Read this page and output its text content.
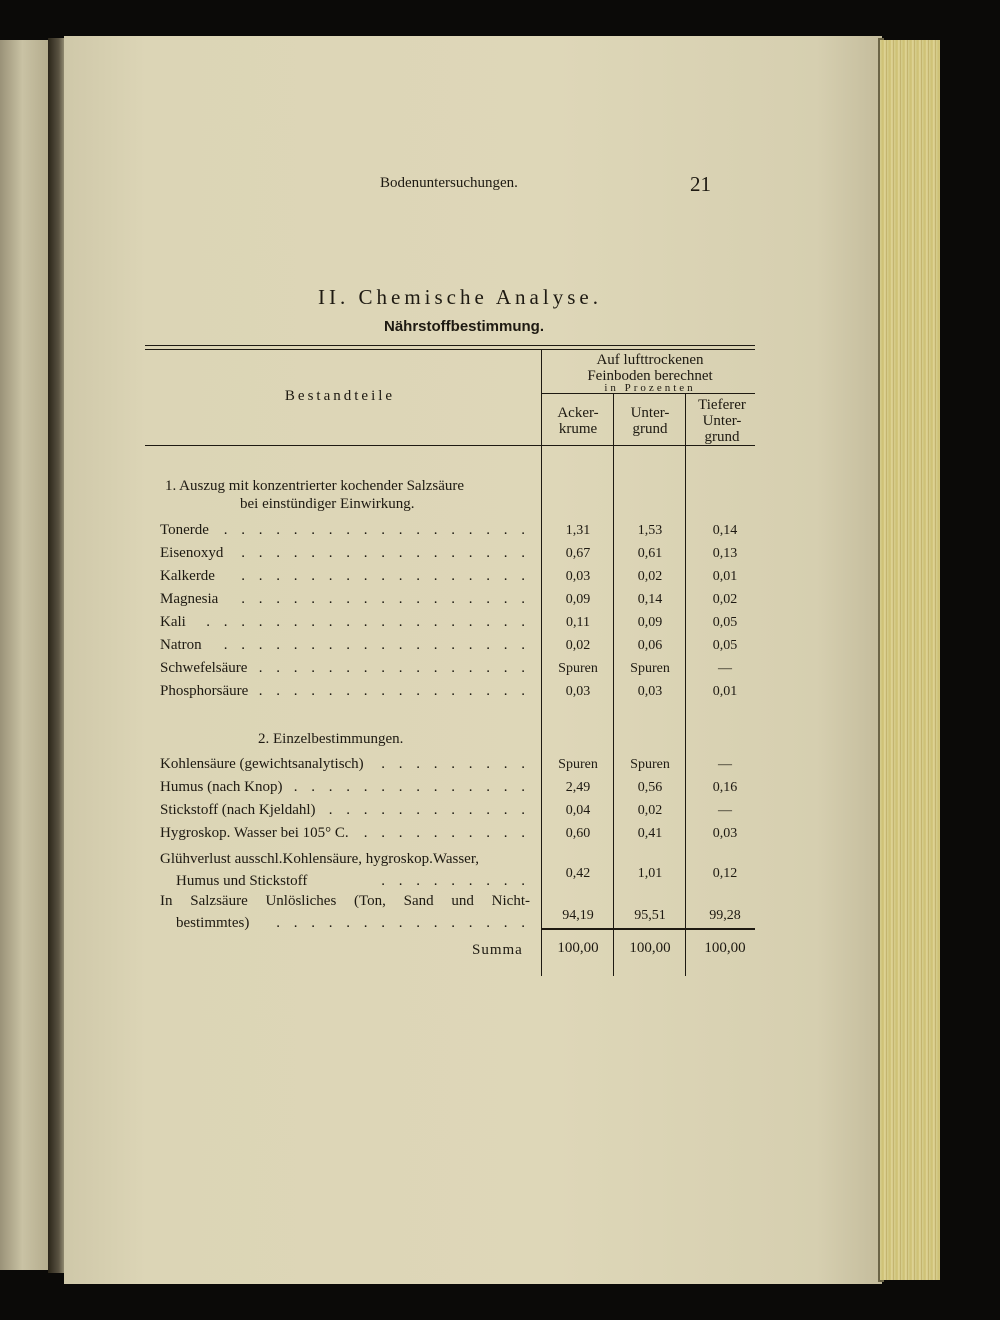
Bodenuntersuchungen.	21
II. Chemische Analyse.
Nährstoffbestimmung.
Bestandteile
Auf lufttrockenen
Feinboden berechnet
in Prozenten
Acker-
krume
Unter-
grund
Tieferer
Unter-
grund
1. Auszug mit konzentrierter kochender Salzsäure
bei einstündiger Einwirkung.
Tonerde . . . . . . . . . . . . . . . . . .	1,31	1,53	0,14
Eisenoxyd . . . . . . . . . . . . . . . . .	0,67	0,61	0,13
Kalkerde . . . . . . . . . . . . . . . . .	0,03	0,02	0,01
Magnesia . . . . . . . . . . . . . . . . .	0,09	0,14	0,02
Kali . . . . . . . . . . . . . . . . . . .	0,11	0,09	0,05
Natron . . . . . . . . . . . . . . . . . .	0,02	0,06	0,05
Schwefelsäure . . . . . . . . . . . . . . . .	Spuren	Spuren	—
Phosphorsäure . . . . . . . . . . . . . . . .	0,03	0,03	0,01
2. Einzelbestimmungen.
Kohlensäure (gewichtsanalytisch) . . . . . . . . .	Spuren	Spuren	—
Humus (nach Knop) . . . . . . . . . . . . . .	2,49	0,56	0,16
Stickstoff (nach Kjeldahl) . . . . . . . . . . . .	0,04	0,02	—
Hygroskop. Wasser bei 105° C. . . . . . . . . . .	0,60	0,41	0,03
Glühverlust ausschl.Kohlensäure, hygroskop.Wasser,
Humus und Stickstoff	. . . . . . . . .	0,42	1,01	0,12
In Salzsäure Unlösliches (Ton, Sand und Nicht-
bestimmtes) . . . . . . . . . . . . . . .	94,19	95,51	99,28
Summa	100,00	100,00	100,00
